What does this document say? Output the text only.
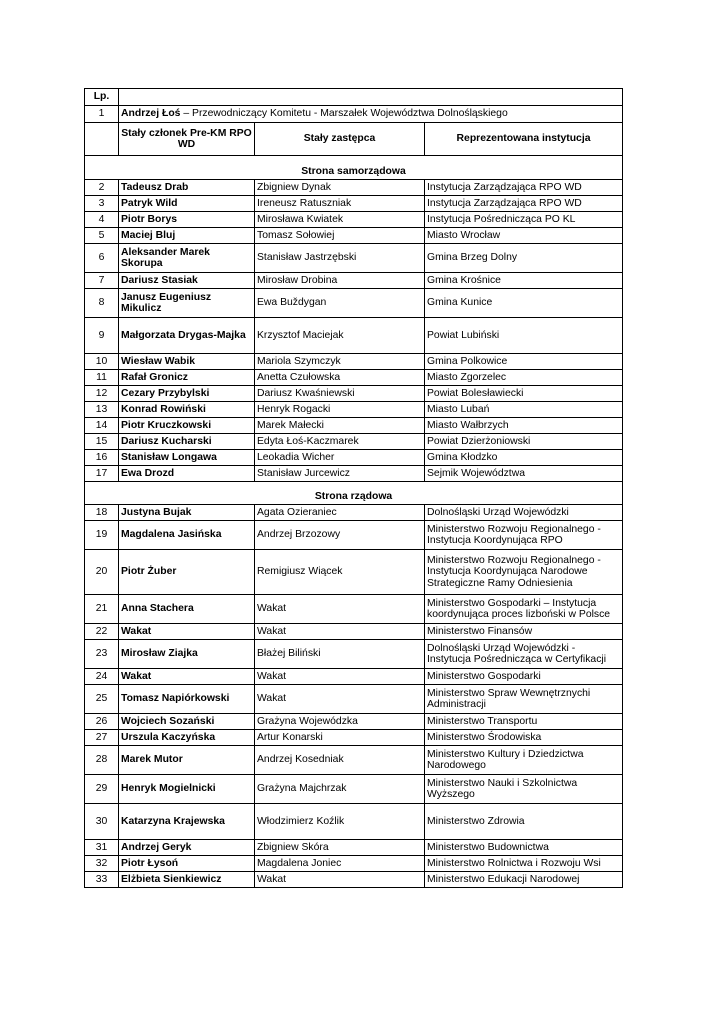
Lp.			
1	Andrzej Łoś – Przewodniczący Komitetu - Marszałek Województwa Dolnośląskiego		
	Stały członek Pre-KM RPO WD	Stały zastępca	Reprezentowana instytucja
Strona samorządowa			
2	Tadeusz Drab	Zbigniew Dynak	Instytucja Zarządzająca RPO WD
3	Patryk Wild	Ireneusz Ratuszniak	Instytucja Zarządzająca RPO WD
4	Piotr Borys	Mirosława Kwiatek	Instytucja Pośrednicząca PO KL
5	Maciej Bluj	Tomasz Sołowiej	Miasto Wrocław
6	Aleksander Marek Skorupa	Stanisław Jastrzębski	Gmina Brzeg Dolny
7	Dariusz Stasiak	Mirosław Drobina	Gmina Krośnice
8	Janusz Eugeniusz Mikulicz	Ewa Buždygan	Gmina Kunice
9	Małgorzata Drygas-Majka	Krzysztof Maciejak	Powiat Lubiński
10	Wiesław Wabik	Mariola Szymczyk	Gmina Polkowice
11	Rafał Gronicz	Anetta Czułowska	Miasto Zgorzelec
12	Cezary Przybylski	Dariusz Kwaśniewski	Powiat Bolesławiecki
13	Konrad Rowiński	Henryk Rogacki	Miasto Lubań
14	Piotr Kruczkowski	Marek Małecki	Miasto Wałbrzych
15	Dariusz Kucharski	Edyta Łoś-Kaczmarek	Powiat Dzierżoniowski
16	Stanisław Longawa	Leokadia Wicher	Gmina Kłodzko
17	Ewa Drozd	Stanisław Jurcewicz	Sejmik Województwa
Strona rządowa			
18	Justyna Bujak	Agata Ozieraniec	Dolnośląski Urząd Wojewódzki
19	Magdalena Jasińska	Andrzej Brzozowy	Ministerstwo Rozwoju Regionalnego - Instytucja Koordynująca RPO
20	Piotr Żuber	Remigiusz Wiącek	Ministerstwo Rozwoju Regionalnego - Instytucja Koordynująca Narodowe Strategiczne Ramy Odniesienia
21	Anna Stachera	Wakat	Ministerstwo Gospodarki – Instytucja koordynująca proces lizboński w Polsce
22	Wakat	Wakat	Ministerstwo Finansów
23	Mirosław Ziajka	Błażej Biliński	Dolnośląski Urząd Wojewódzki - Instytucja Pośrednicząca w Certyfikacji
24	Wakat	Wakat	Ministerstwo Gospodarki
25	Tomasz Napiórkowski	Wakat	Ministerstwo Spraw Wewnętrznychi Administracji
26	Wojciech Sozański	Grażyna Wojewódzka	Ministerstwo Transportu
27	Urszula Kaczyńska	Artur Konarski	Ministerstwo Środowiska
28	Marek Mutor	Andrzej Kosedniak	Ministerstwo Kultury i Dziedzictwa Narodowego
29	Henryk Mogielnicki	Grażyna Majchrzak	Ministerstwo Nauki i Szkolnictwa Wyższego
30	Katarzyna Krajewska	Włodzimierz Koźlik	Ministerstwo Zdrowia
31	Andrzej Geryk	Zbigniew Skóra	Ministerstwo Budownictwa
32	Piotr Łysoń	Magdalena Joniec	Ministerstwo Rolnictwa i Rozwoju Wsi
33	Elżbieta Sienkiewicz	Wakat	Ministerstwo Edukacji Narodowej
